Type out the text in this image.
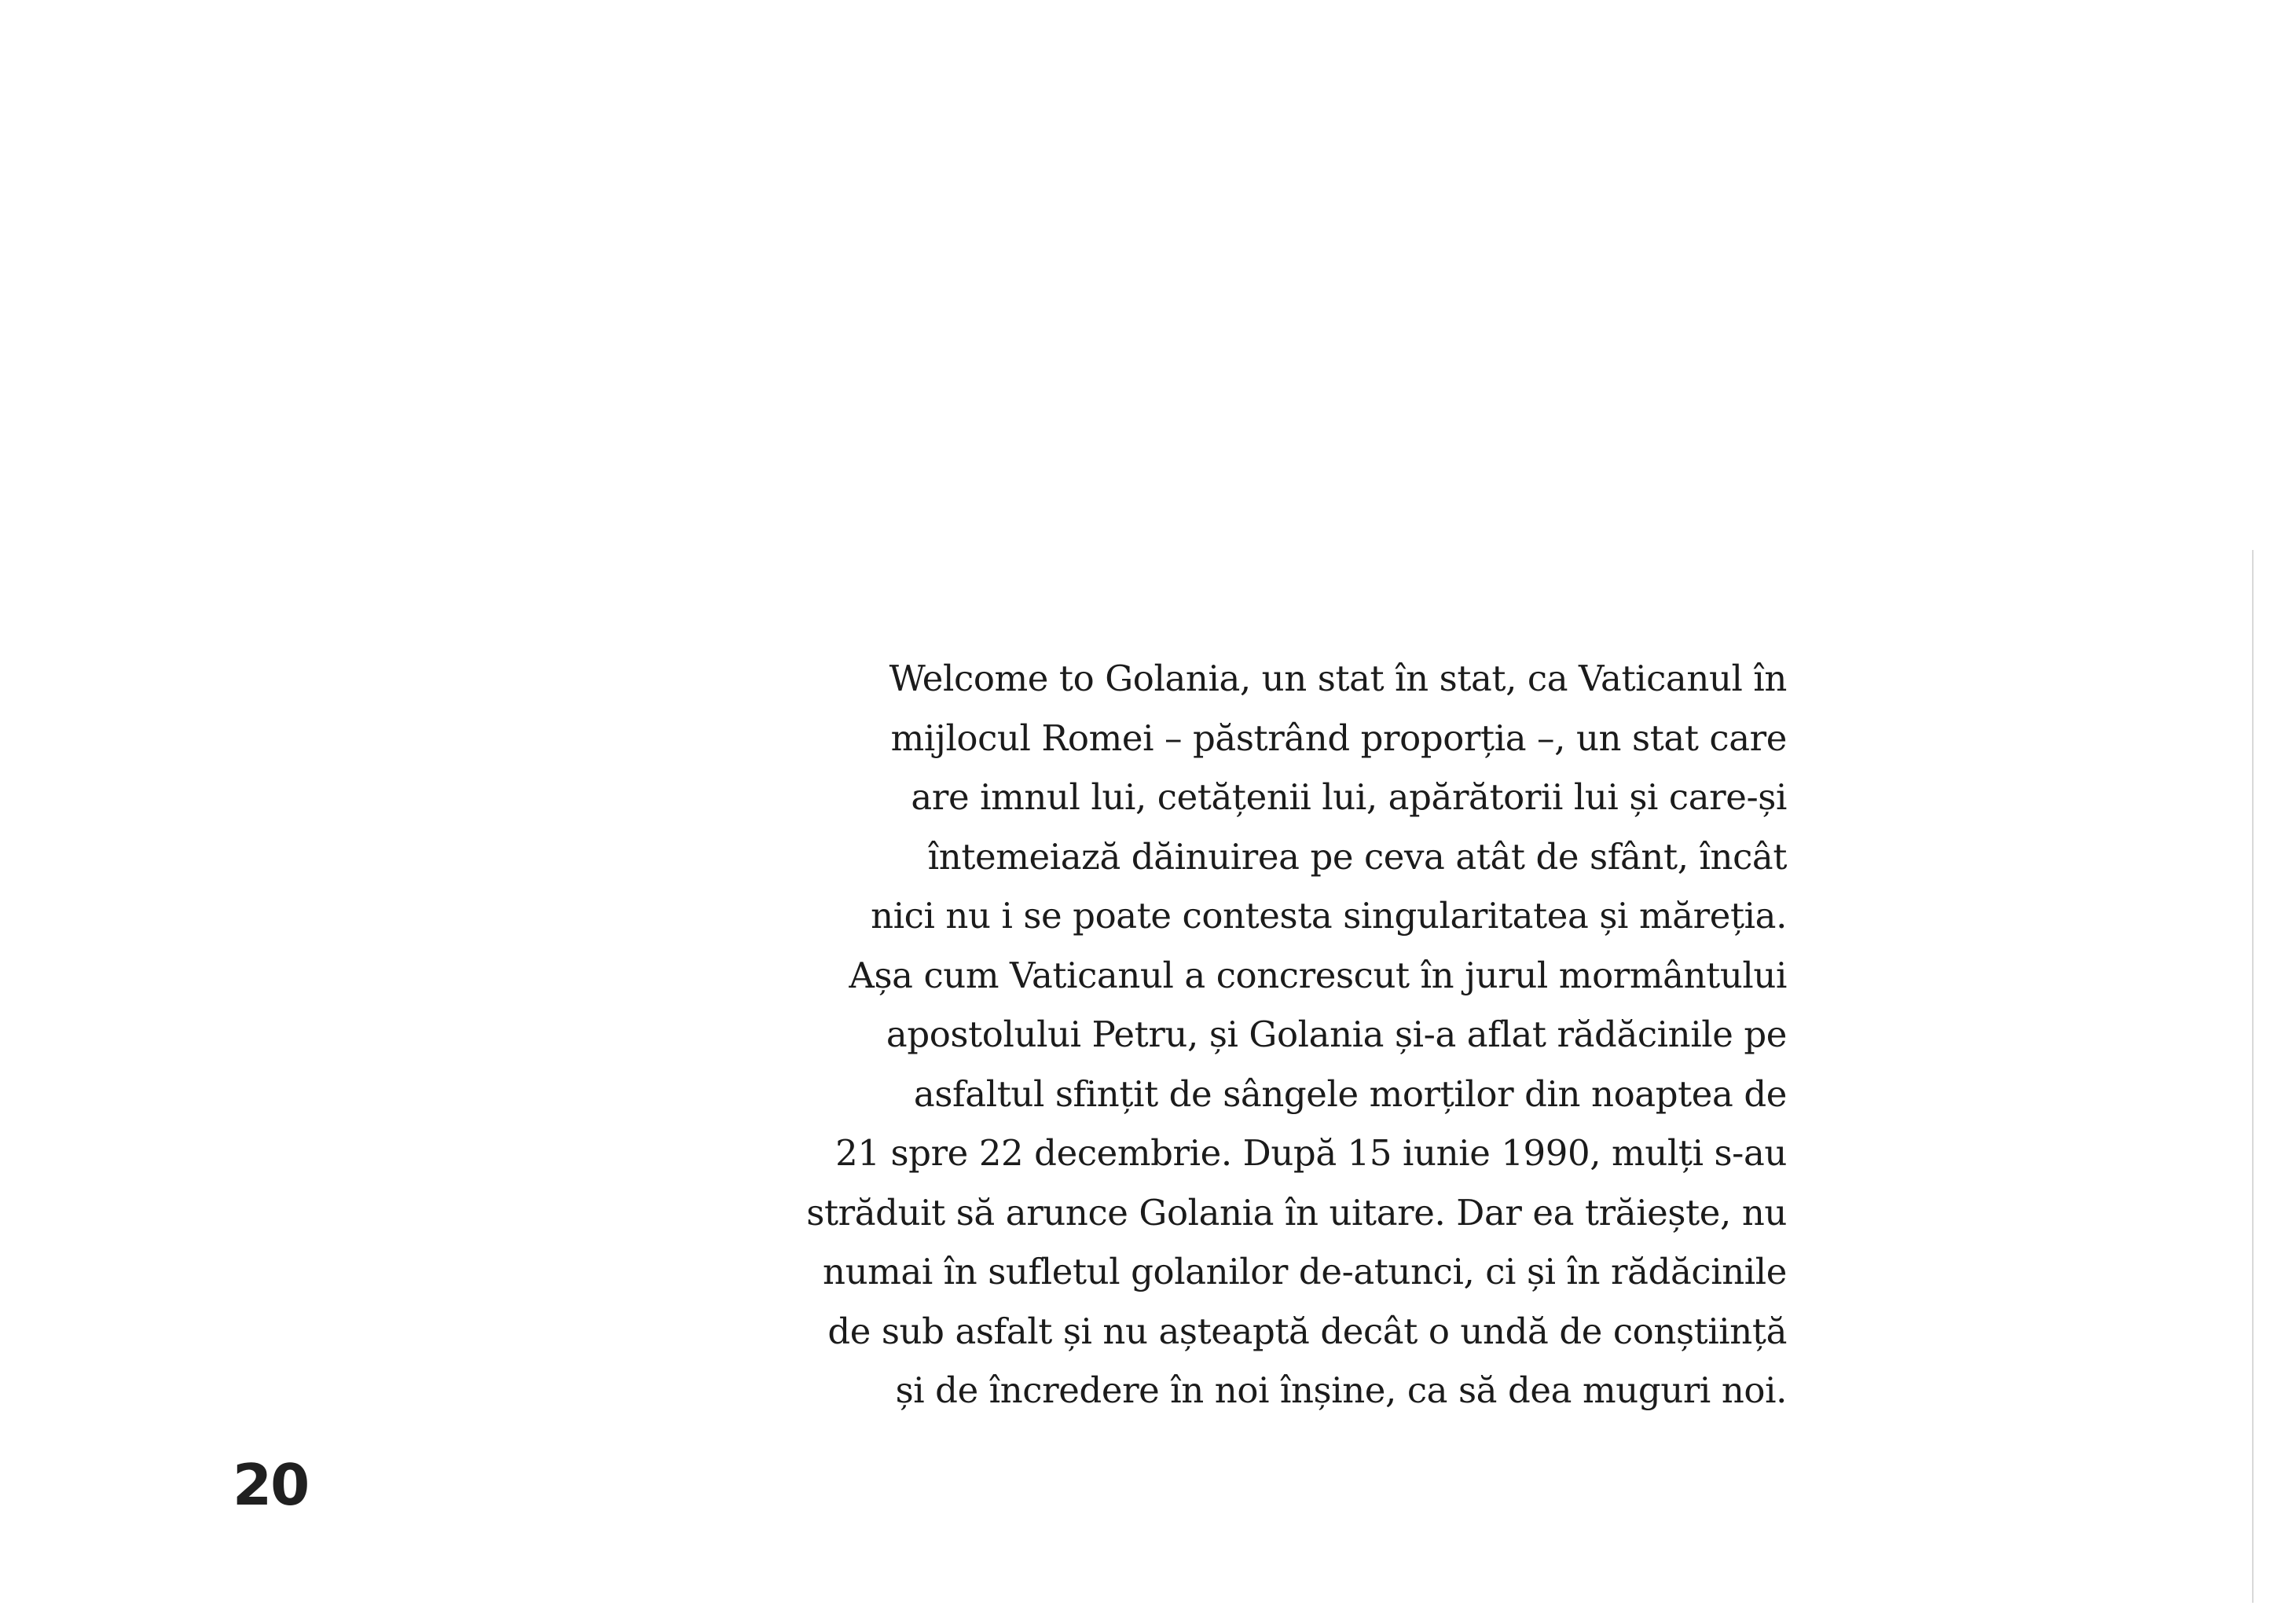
Welcome to Golania, un stat în stat, ca Vaticanul în
mijlocul Romei – păstrând proporția –, un stat care
are imnul lui, cetățenii lui, apărătorii lui și care-și
întemeiază dăinuirea pe ceva atât de sfânt, încât
nici nu i se poate contesta singularitatea și măreția.
Așa cum Vaticanul a concrescut în jurul mormântului
apostolului Petru, și Golania și-a aflat rădăcinile pe
asfaltul sfințit de sângele morților din noaptea de
21 spre 22 decembrie. După 15 iunie 1990, mulți s-au
străduit să arunce Golania în uitare. Dar ea trăiește, nu
numai în sufletul golanilor de-atunci, ci și în rădăcinile
de sub asfalt și nu așteaptă decât o undă de conștiință
și de încredere în noi înșine, ca să dea muguri noi.

20
